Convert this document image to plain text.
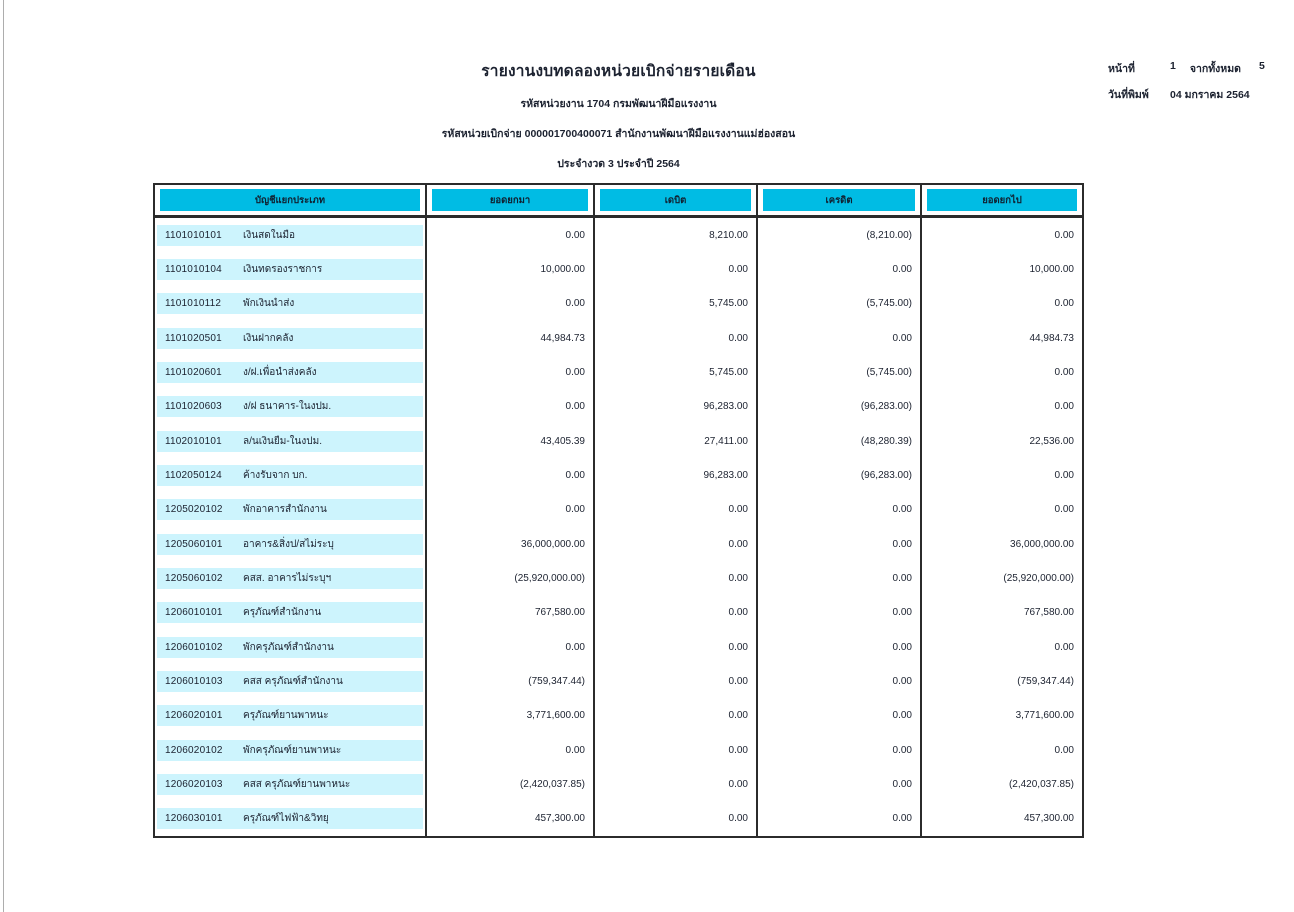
รายงานงบทดลองหน่วยเบิกจ่ายรายเดือน
รหัสหน่วยงาน 1704 กรมพัฒนาฝีมือแรงงาน
รหัสหน่วยเบิกจ่าย 000001700400071 สำนักงานพัฒนาฝีมือแรงงานแม่ฮ่องสอน
ประจำงวด 3 ประจำปี 2564
หน้าที่	1 จากทั้งหมด 5
วันที่พิมพ์	04 มกราคม 2564
บัญชีแยกประเภท	ยอดยกมา	เดบิต	เครดิต	ยอดยกไป
1101010101	เงินสดในมือ	0.00	8,210.00	(8,210.00)	0.00
1101010104	เงินทดรองราชการ	10,000.00	0.00	0.00	10,000.00
1101010112	พักเงินนำส่ง	0.00	5,745.00	(5,745.00)	0.00
1101020501	เงินฝากคลัง	44,984.73	0.00	0.00	44,984.73
1101020601	ง/ฝ.เพื่อนำส่งคลัง	0.00	5,745.00	(5,745.00)	0.00
1101020603	ง/ฝ ธนาคาร-ในงปม.	0.00	96,283.00	(96,283.00)	0.00
1102010101	ล/นเงินยืม-ในงปม.	43,405.39	27,411.00	(48,280.39)	22,536.00
1102050124	ค้างรับจาก บก.	0.00	96,283.00	(96,283.00)	0.00
1205020102	พักอาคารสำนักงาน	0.00	0.00	0.00	0.00
1205060101	อาคาร&สิ่งป/สไม่ระบุ	36,000,000.00	0.00	0.00	36,000,000.00
1205060102	คสส. อาคารไม่ระบุฯ	(25,920,000.00)	0.00	0.00	(25,920,000.00)
1206010101	ครุภัณฑ์สำนักงาน	767,580.00	0.00	0.00	767,580.00
1206010102	พักครุภัณฑ์สำนักงาน	0.00	0.00	0.00	0.00
1206010103	คสส ครุภัณฑ์สำนักงาน	(759,347.44)	0.00	0.00	(759,347.44)
1206020101	ครุภัณฑ์ยานพาหนะ	3,771,600.00	0.00	0.00	3,771,600.00
1206020102	พักครุภัณฑ์ยานพาหนะ	0.00	0.00	0.00	0.00
1206020103	คสส ครุภัณฑ์ยานพาหนะ	(2,420,037.85)	0.00	0.00	(2,420,037.85)
1206030101	ครุภัณฑ์ไฟฟ้า&วิทยุ	457,300.00	0.00	0.00	457,300.00
